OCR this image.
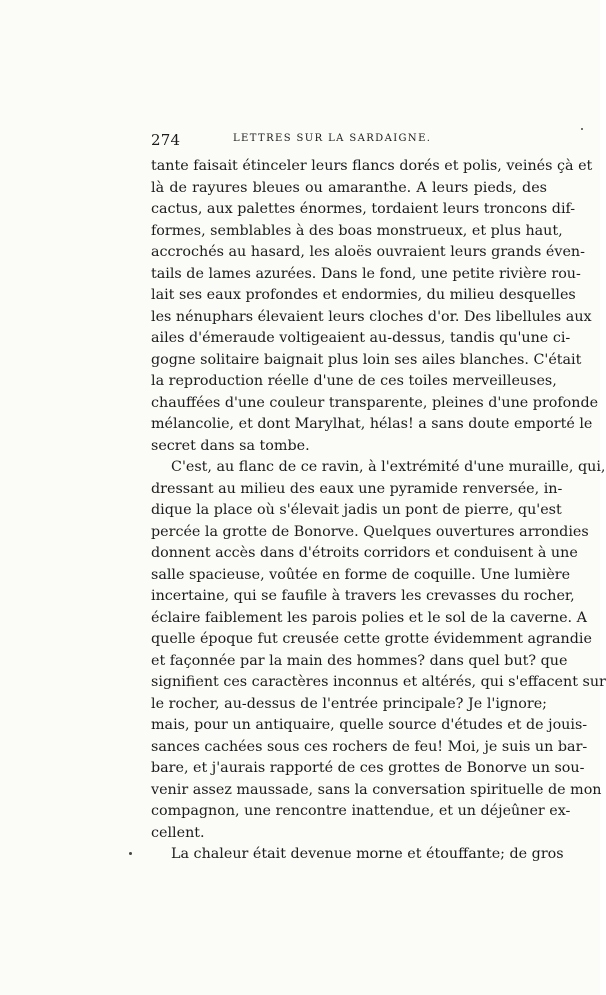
274	LETTRES SUR LA SARDAIGNE.
tante faisait étinceler leurs flancs dorés et polis, veinés çà et
là de rayures bleues ou amaranthe. A leurs pieds, des
cactus, aux palettes énormes, tordaient leurs troncons dif-
formes, semblables à des boas monstrueux, et plus haut,
accrochés au hasard, les aloës ouvraient leurs grands éven-
tails de lames azurées. Dans le fond, une petite rivière rou-
lait ses eaux profondes et endormies, du milieu desquelles
les nénuphars élevaient leurs cloches d'or. Des libellules aux
ailes d'émeraude voltigeaient au-dessus, tandis qu'une ci-
gogne solitaire baignait plus loin ses ailes blanches. C'était
la reproduction réelle d'une de ces toiles merveilleuses,
chauffées d'une couleur transparente, pleines d'une profonde
mélancolie, et dont Marylhat, hélas! a sans doute emporté le
secret dans sa tombe.
C'est, au flanc de ce ravin, à l'extrémité d'une muraille, qui,
dressant au milieu des eaux une pyramide renversée, in-
dique la place où s'élevait jadis un pont de pierre, qu'est
percée la grotte de Bonorve. Quelques ouvertures arrondies
donnent accès dans d'étroits corridors et conduisent à une
salle spacieuse, voûtée en forme de coquille. Une lumière
incertaine, qui se faufile à travers les crevasses du rocher,
éclaire faiblement les parois polies et le sol de la caverne. A
quelle époque fut creusée cette grotte évidemment agrandie
et façonnée par la main des hommes? dans quel but? que
signifient ces caractères inconnus et altérés, qui s'effacent sur
le rocher, au-dessus de l'entrée principale? Je l'ignore;
mais, pour un antiquaire, quelle source d'études et de jouis-
sances cachées sous ces rochers de feu! Moi, je suis un bar-
bare, et j'aurais rapporté de ces grottes de Bonorve un sou-
venir assez maussade, sans la conversation spirituelle de mon
compagnon, une rencontre inattendue, et un déjeûner ex-
cellent.
La chaleur était devenue morne et étouffante; de gros
